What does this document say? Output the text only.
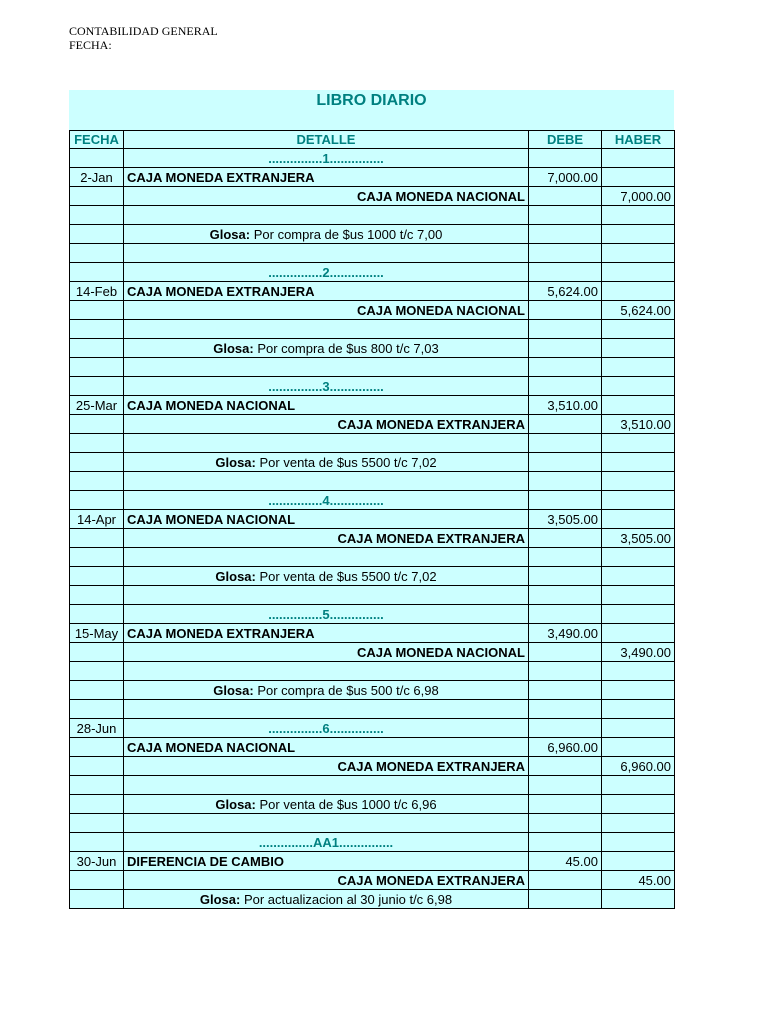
CONTABILIDAD GENERAL
FECHA:
LIBRO DIARIO
FECHA	DETALLE	DEBE	HABER
	...............1...............		
2-Jan	CAJA MONEDA EXTRANJERA	7,000.00	
	CAJA MONEDA NACIONAL		7,000.00

	Glosa: Por compra de $us 1000 t/c 7,00		

	...............2...............		
14-Feb	CAJA MONEDA EXTRANJERA	5,624.00	
	CAJA MONEDA NACIONAL		5,624.00

	Glosa: Por compra de $us 800 t/c 7,03		

	...............3...............		
25-Mar	CAJA MONEDA NACIONAL	3,510.00	
	CAJA MONEDA EXTRANJERA		3,510.00

	Glosa: Por venta de $us 5500 t/c 7,02		

	...............4...............		
14-Apr	CAJA MONEDA NACIONAL	3,505.00	
	CAJA MONEDA EXTRANJERA		3,505.00

	Glosa: Por venta de $us 5500 t/c 7,02		

	...............5...............		
15-May	CAJA MONEDA EXTRANJERA	3,490.00	
	CAJA MONEDA NACIONAL		3,490.00

	Glosa: Por compra de $us 500 t/c 6,98		

28-Jun	...............6...............		
	CAJA MONEDA NACIONAL	6,960.00	
	CAJA MONEDA EXTRANJERA		6,960.00

	Glosa: Por venta de $us 1000 t/c 6,96		

	...............AA1...............		
30-Jun	DIFERENCIA DE CAMBIO	45.00	
	CAJA MONEDA EXTRANJERA		45.00
	Glosa: Por actualizacion al 30 junio t/c 6,98		
